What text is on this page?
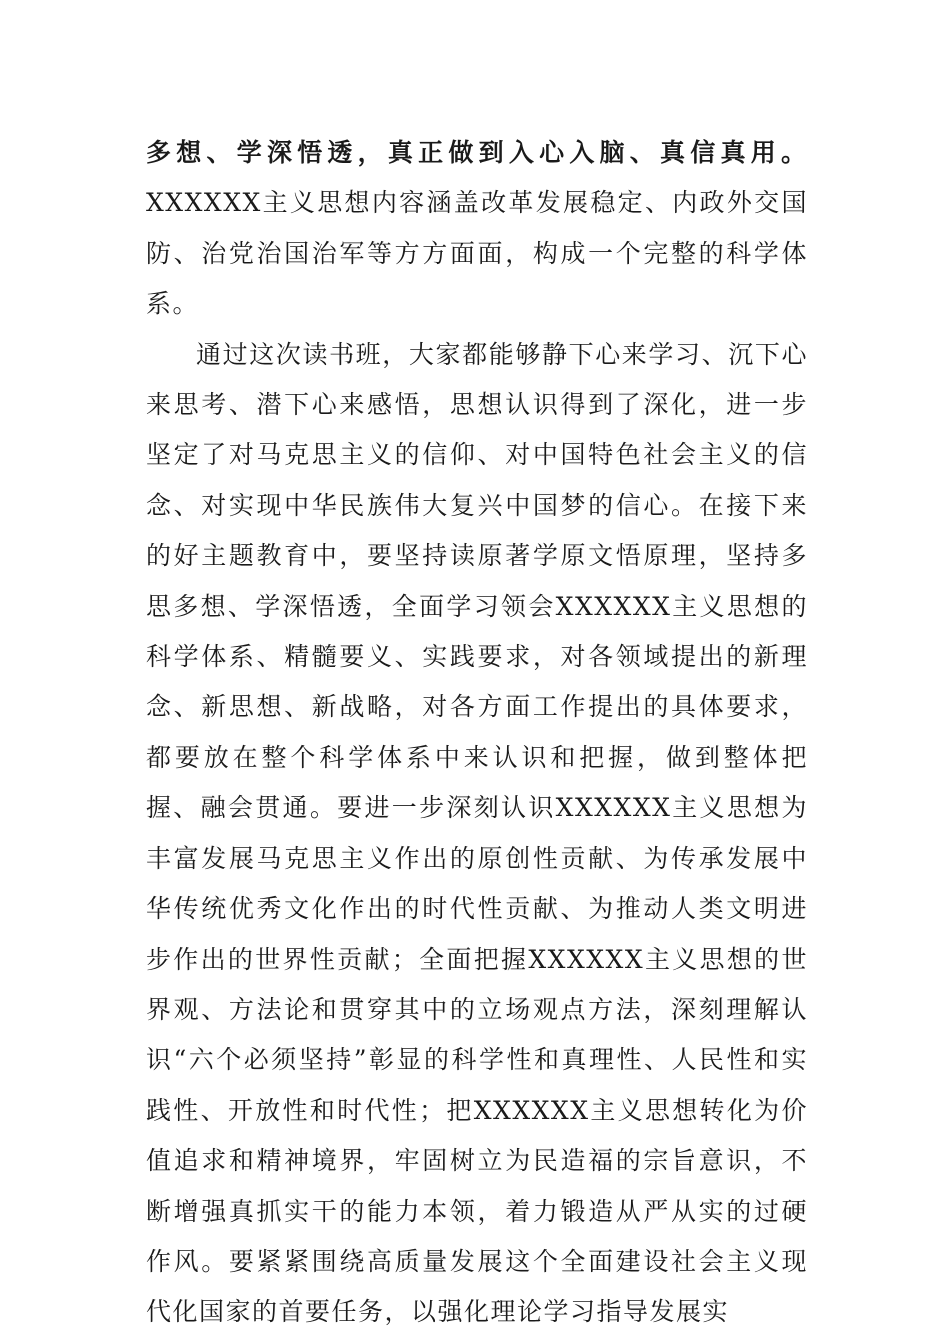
多想、学深悟透，真正做到入心入脑、真信真用。XXXXXX主义思想内容涵盖改革发展稳定、内政外交国防、治党治国治军等方方面面，构成一个完整的科学体系。

通过这次读书班，大家都能够静下心来学习、沉下心来思考、潜下心来感悟，思想认识得到了深化，进一步坚定了对马克思主义的信仰、对中国特色社会主义的信念、对实现中华民族伟大复兴中国梦的信心。在接下来的好主题教育中，要坚持读原著学原文悟原理，坚持多思多想、学深悟透，全面学习领会XXXXXX主义思想的科学体系、精髓要义、实践要求，对各领域提出的新理念、新思想、新战略，对各方面工作提出的具体要求，都要放在整个科学体系中来认识和把握，做到整体把握、融会贯通。要进一步深刻认识XXXXXX主义思想为丰富发展马克思主义作出的原创性贡献、为传承发展中华传统优秀文化作出的时代性贡献、为推动人类文明进步作出的世界性贡献；全面把握XXXXXX主义思想的世界观、方法论和贯穿其中的立场观点方法，深刻理解认识“六个必须坚持”彰显的科学性和真理性、人民性和实践性、开放性和时代性；把XXXXXX主义思想转化为价值追求和精神境界，牢固树立为民造福的宗旨意识，不断增强真抓实干的能力本领，着力锻造从严从实的过硬作风。要紧紧围绕高质量发展这个全面建设社会主义现代化国家的首要任务，以强化理论学习指导发展实
